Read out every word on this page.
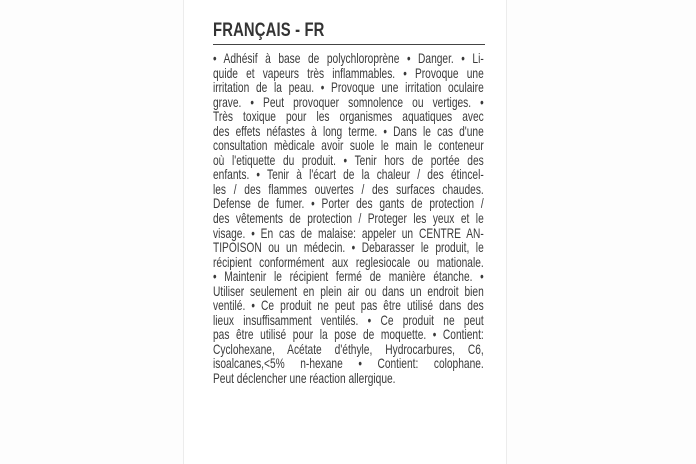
FRANÇAIS - FR
• Adhésif à base de polychloroprène • Danger. • Li-
quide et vapeurs très inflammables. • Provoque une
irritation de la peau. • Provoque une irritation oculaire
grave. • Peut provoquer somnolence ou vertiges. •
Très toxique pour les organismes aquatiques avec
des effets néfastes à long terme. • Dans le cas d'une
consultation mèdicale avoir suole le main le conteneur
où l'etiquette du produit. • Tenir hors de portée des
enfants. • Tenir à l'écart de la chaleur / des étincel-
les / des flammes ouvertes / des surfaces chaudes.
Defense de fumer. • Porter des gants de protection /
des vêtements de protection / Proteger les yeux et le
visage. • En cas de malaise: appeler un CENTRE AN-
TIPOISON ou un médecin. • Debarasser le produit, le
récipient conformément aux reglesiocale ou mationale.
• Maintenir le récipient fermé de manière étanche. •
Utiliser seulement en plein air ou dans un endroit bien
ventilé. • Ce produit ne peut pas être utilisé dans des
lieux insuffisamment ventilés. • Ce produit ne peut
pas être utilisé pour la pose de moquette. • Contient:
Cyclohexane, Acétate d'éthyle, Hydrocarbures, C6,
isoalcanes,<5% n-hexane • Contient: colophane.
Peut déclencher une réaction allergique.
